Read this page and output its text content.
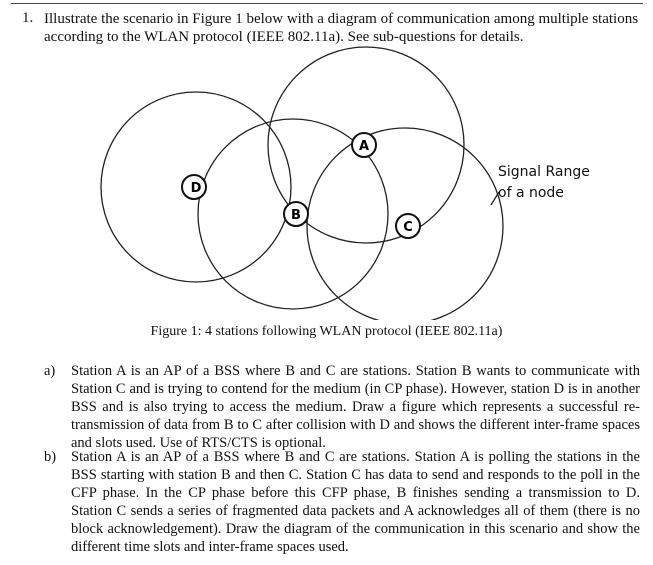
1. Illustrate the scenario in Figure 1 below with a diagram of communication among multiple stations according to the WLAN protocol (IEEE 802.11a). See sub-questions for details.
A
D
B
C
Signal Range
of a node
Figure 1: 4 stations following WLAN protocol (IEEE 802.11a)
a) Station A is an AP of a BSS where B and C are stations. Station B wants to communicate with Station C and is trying to contend for the medium (in CP phase). However, station D is in another BSS and is also trying to access the medium. Draw a figure which represents a successful re-transmission of data from B to C after collision with D and shows the different inter-frame spaces and slots used. Use of RTS/CTS is optional.
b) Station A is an AP of a BSS where B and C are stations. Station A is polling the stations in the BSS starting with station B and then C. Station C has data to send and responds to the poll in the CFP phase. In the CP phase before this CFP phase, B finishes sending a transmission to D. Station C sends a series of fragmented data packets and A acknowledges all of them (there is no block acknowledgement). Draw the diagram of the communication in this scenario and show the different time slots and inter-frame spaces used.
